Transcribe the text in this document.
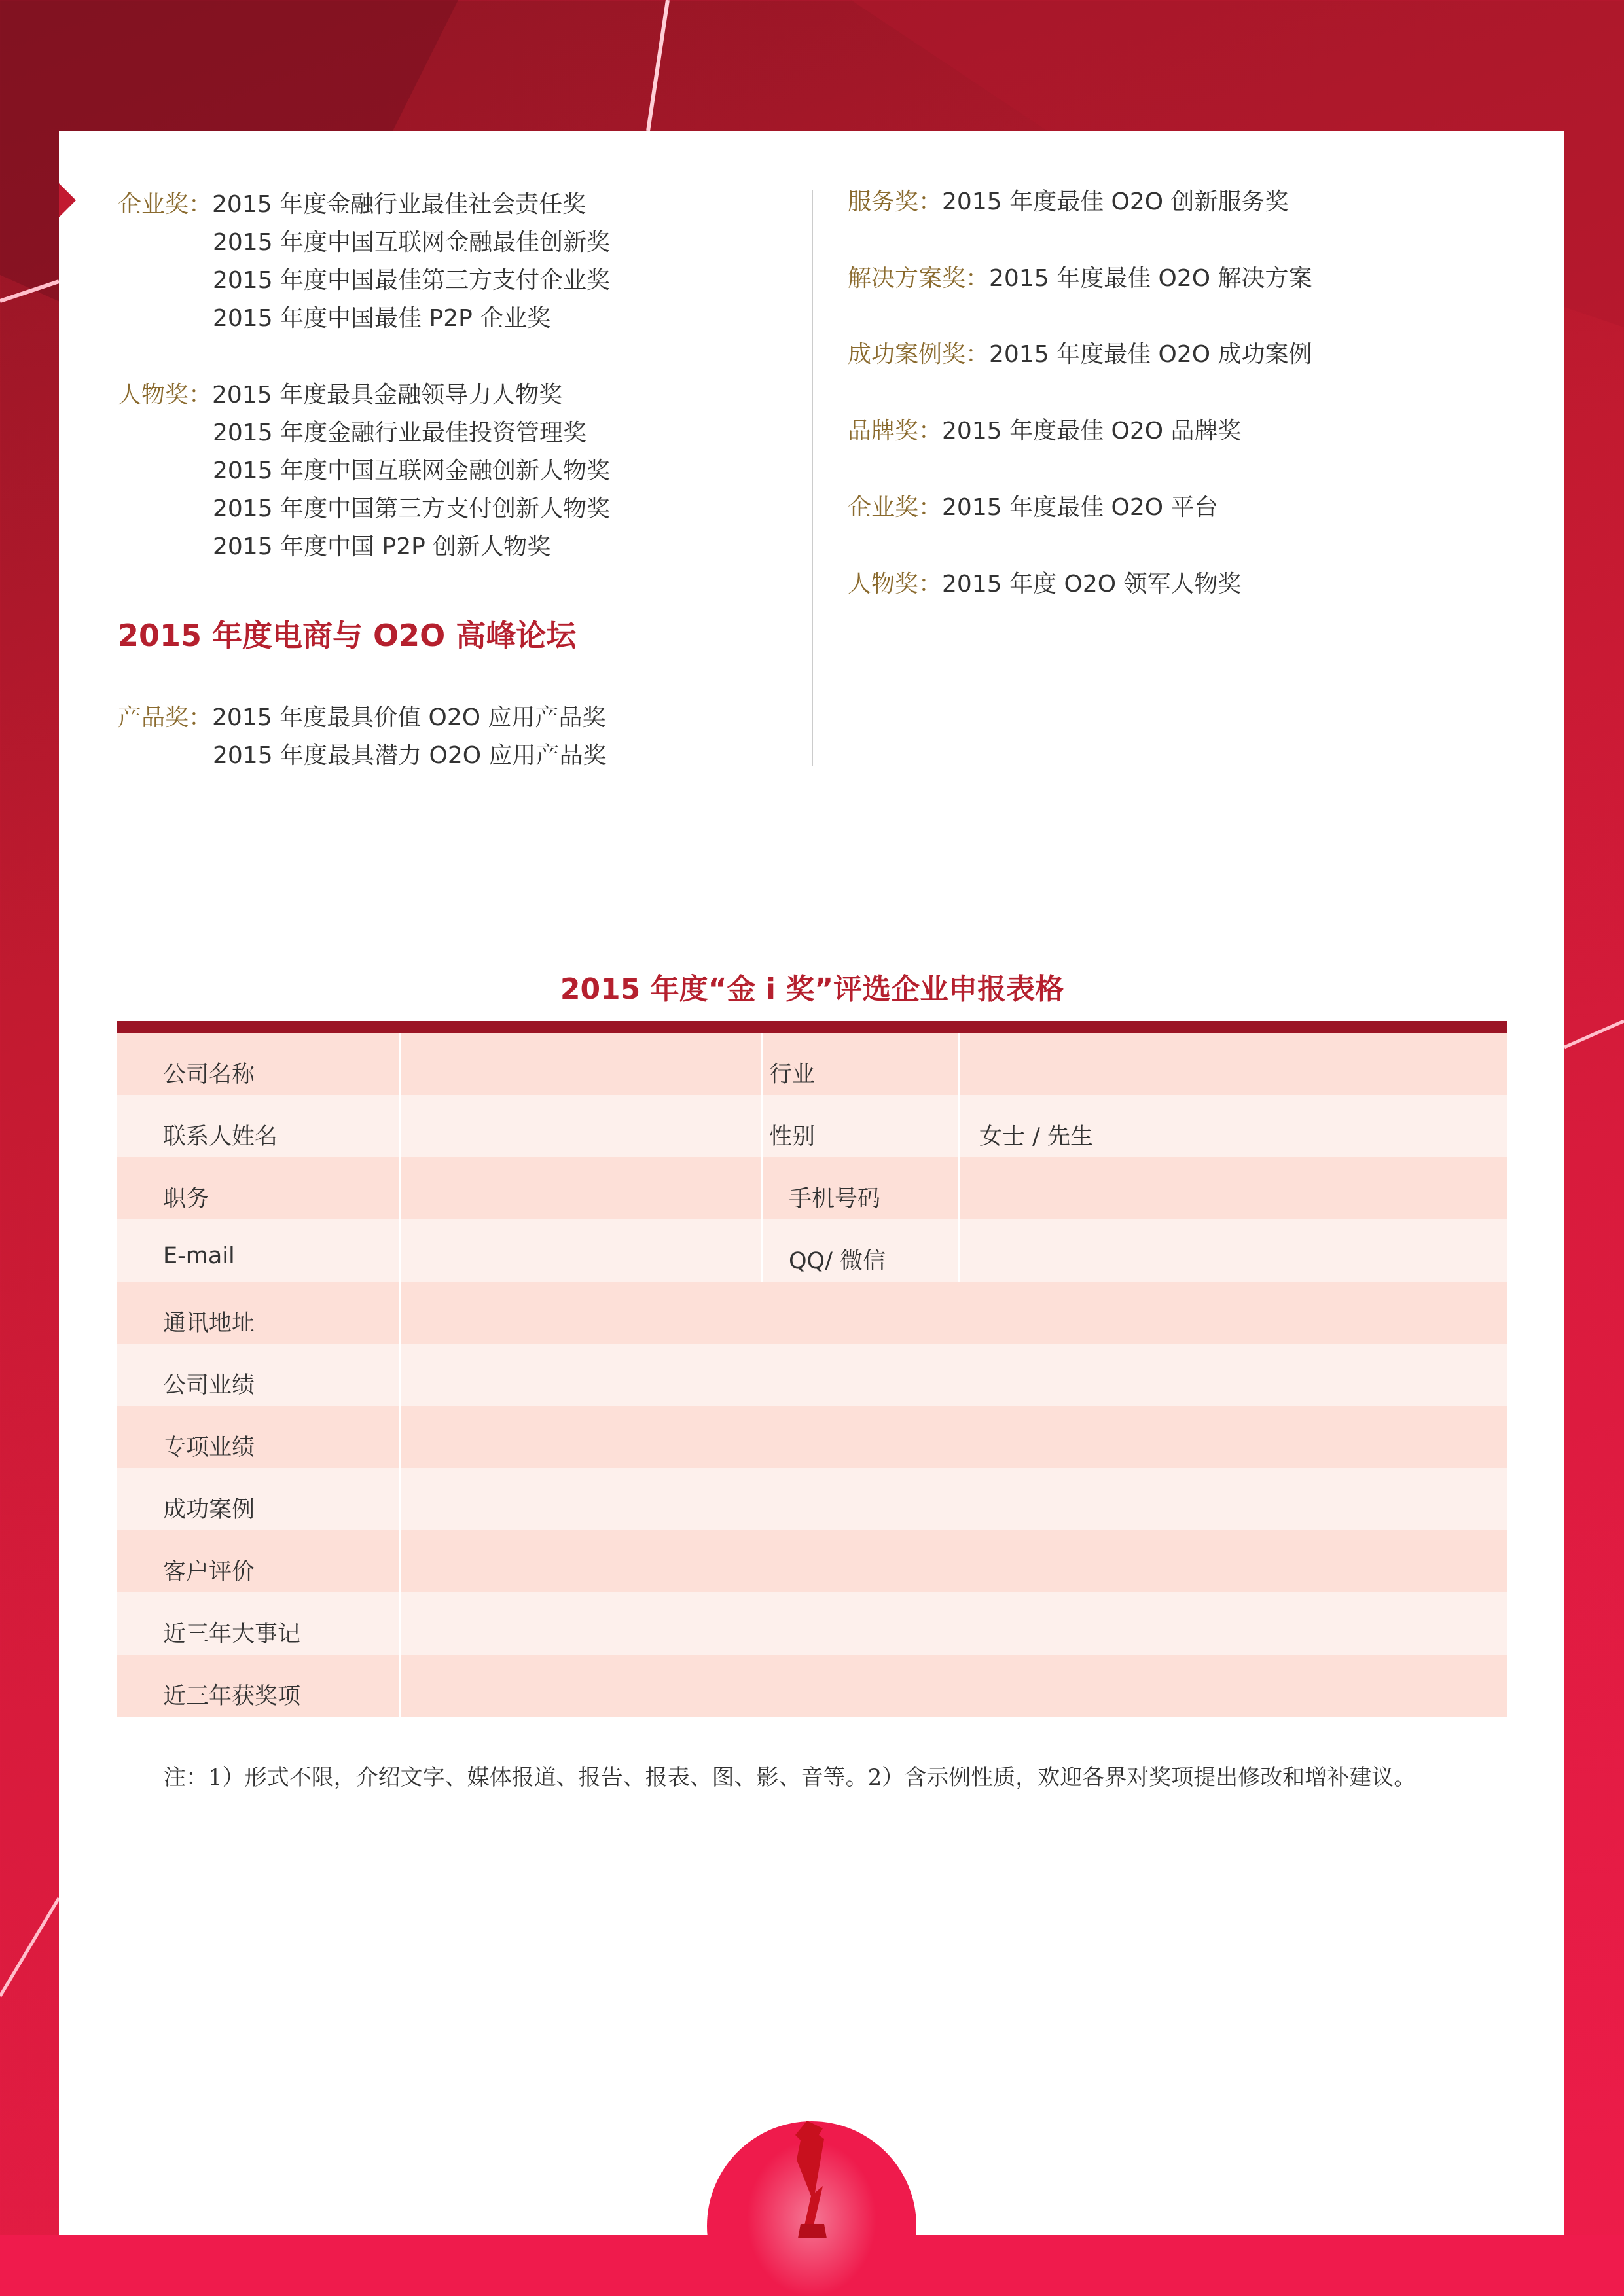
企业奖：2015 年度金融行业最佳社会责任奖
2015 年度中国互联网金融最佳创新奖
2015 年度中国最佳第三方支付企业奖
2015 年度中国最佳 P2P 企业奖
人物奖：2015 年度最具金融领导力人物奖
2015 年度金融行业最佳投资管理奖
2015 年度中国互联网金融创新人物奖
2015 年度中国第三方支付创新人物奖
2015 年度中国 P2P 创新人物奖
2015 年度电商与 O2O 高峰论坛
产品奖：2015 年度最具价值 O2O 应用产品奖
2015 年度最具潜力 O2O 应用产品奖
服务奖：2015 年度最佳 O2O 创新服务奖
解决方案奖：2015 年度最佳 O2O 解决方案
成功案例奖：2015 年度最佳 O2O 成功案例
品牌奖：2015 年度最佳 O2O 品牌奖
企业奖：2015 年度最佳 O2O 平台
人物奖：2015 年度 O2O 领军人物奖
2015 年度“金 i 奖”评选企业申报表格
公司名称	行业
联系人姓名	性别	女士 / 先生
职务	手机号码
E-mail	QQ/ 微信
通讯地址
公司业绩
专项业绩
成功案例
客户评价
近三年大事记
近三年获奖项
注：1）形式不限，介绍文字、媒体报道、报告、报表、图、影、音等。2）含示例性质，欢迎各界对奖项提出修改和增补建议。
